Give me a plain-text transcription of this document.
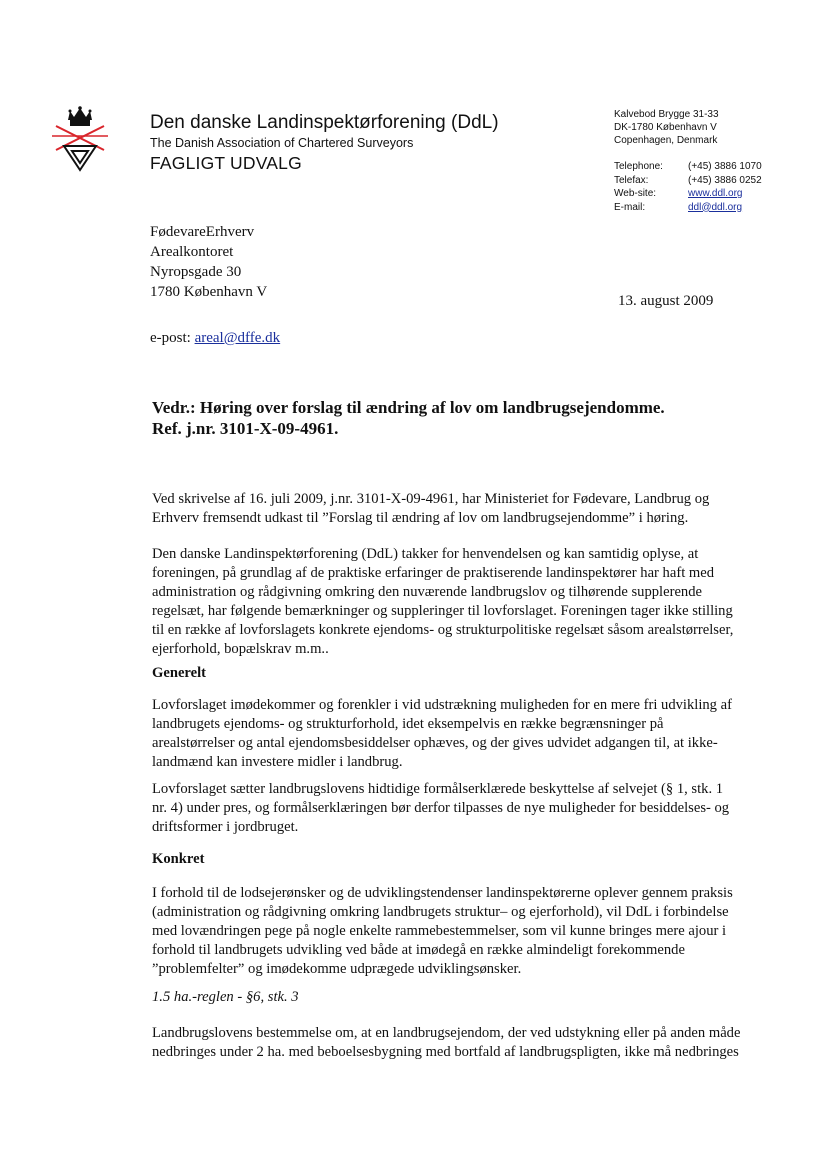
Den danske Landinspektørforening (DdL)
The Danish Association of Chartered Surveyors
FAGLIGT UDVALG
Kalvebod Brygge 31-33
DK-1780 København V
Copenhagen, Denmark
Telephone:	(+45) 3886 1070
Telefax:	(+45) 3886 0252
Web-site:	www.ddl.org
E-mail:	ddl@ddl.org
FødevareErhverv
Arealkontoret
Nyropsgade 30
1780 København V
13. august 2009
e-post: areal@dffe.dk
Vedr.: Høring over forslag til ændring af lov om landbrugsejendomme.
Ref. j.nr. 3101-X-09-4961.
Ved skrivelse af 16. juli 2009, j.nr. 3101-X-09-4961, har Ministeriet for Fødevare, Landbrug og
Erhverv fremsendt udkast til ”Forslag til ændring af lov om landbrugsejendomme” i høring.
Den danske Landinspektørforening (DdL) takker for henvendelsen og kan samtidig oplyse, at
foreningen, på grundlag af de praktiske erfaringer de praktiserende landinspektører har haft med
administration og rådgivning omkring den nuværende landbrugslov og tilhørende supplerende
regelsæt, har følgende bemærkninger og suppleringer til lovforslaget. Foreningen tager ikke stilling
til en række af lovforslagets konkrete ejendoms- og strukturpolitiske regelsæt såsom arealstørrelser,
ejerforhold, bopælskrav m.m..
Generelt
Lovforslaget imødekommer og forenkler i vid udstrækning muligheden for en mere fri udvikling af
landbrugets ejendoms- og strukturforhold, idet eksempelvis en række begrænsninger på
arealstørrelser og antal ejendomsbesiddelser ophæves, og der gives udvidet adgangen til, at ikke-
landmænd kan investere midler i landbrug.
Lovforslaget sætter landbrugslovens hidtidige formålserklærede beskyttelse af selvejet (§ 1, stk. 1
nr. 4) under pres, og formålserklæringen bør derfor tilpasses de nye muligheder for besiddelses- og
driftsformer i jordbruget.
Konkret
I forhold til de lodsejerønsker og de udviklingstendenser landinspektørerne oplever gennem praksis
(administration og rådgivning omkring landbrugets struktur– og ejerforhold), vil DdL i forbindelse
med lovændringen pege på nogle enkelte rammebestemmelser, som vil kunne bringes mere ajour i
forhold til landbrugets udvikling ved både at imødegå en række almindeligt forekommende
”problemfelter” og imødekomme udprægede udviklingsønsker.
1.5 ha.-reglen - §6, stk. 3
Landbrugslovens bestemmelse om, at en landbrugsejendom, der ved udstykning eller på anden måde
nedbringes under 2 ha. med beboelsesbygning med bortfald af landbrugspligten, ikke må nedbringes
